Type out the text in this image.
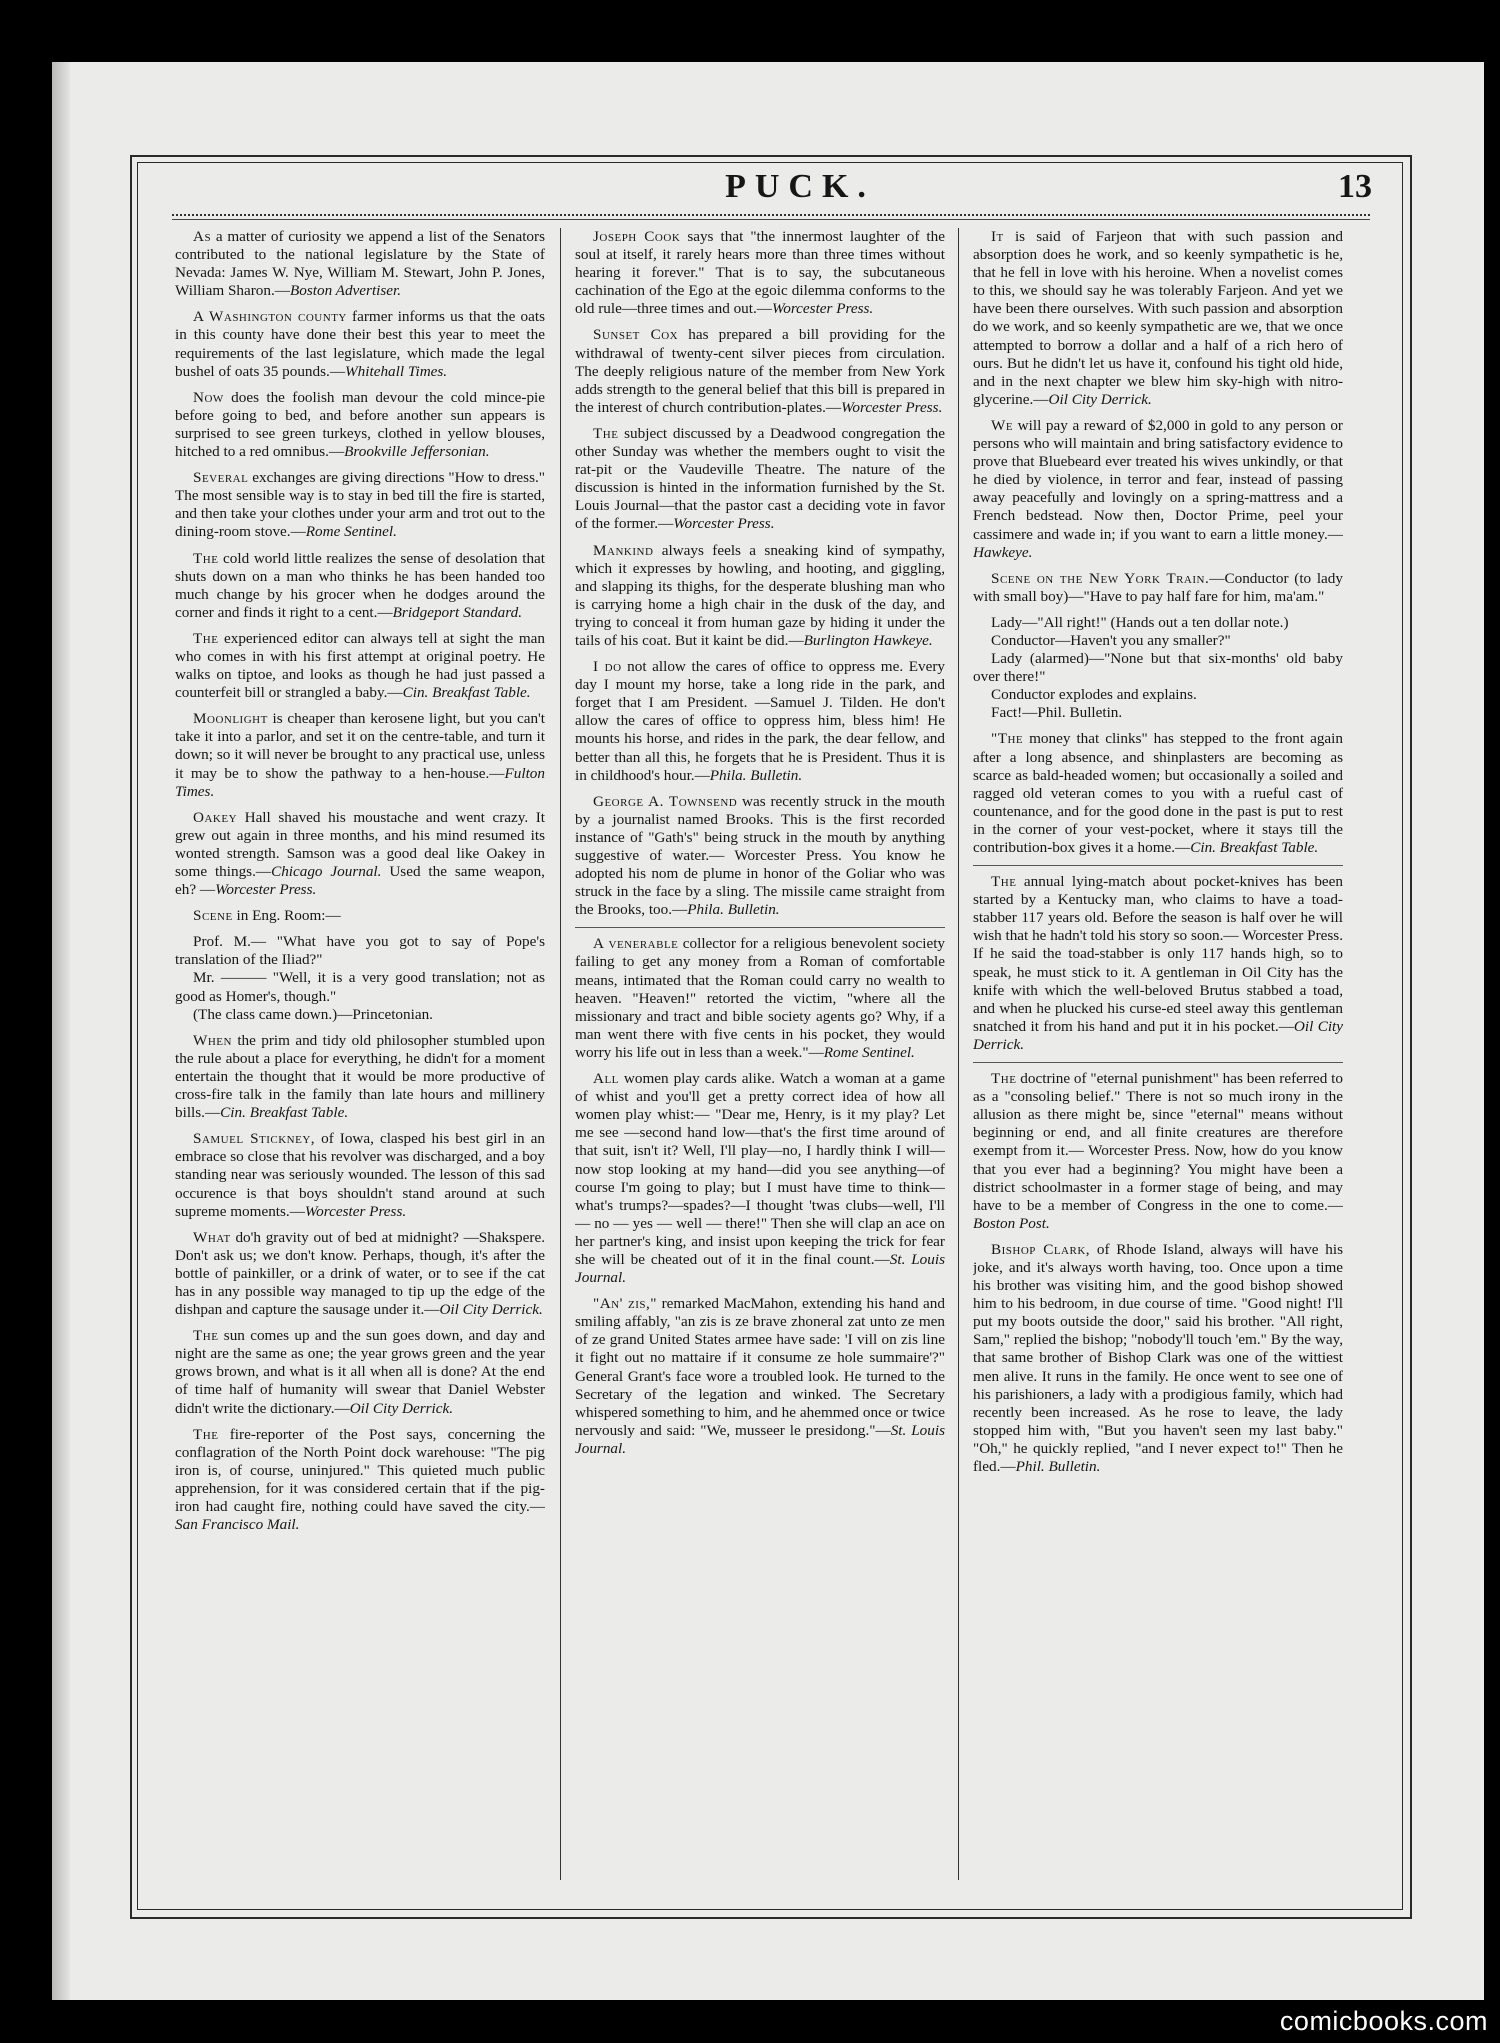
PUCK.	13

As a matter of curiosity we append a list of the Senators contributed to the national legislature by the State of Nevada: James W. Nye, William M. Stewart, John P. Jones, William Sharon.—Boston Advertiser.

A Washington county farmer informs us that the oats in this county have done their best this year to meet the requirements of the last legislature, which made the legal bushel of oats 35 pounds.—Whitehall Times.

Now does the foolish man devour the cold mince-pie before going to bed, and before another sun appears is surprised to see green turkeys, clothed in yellow blouses, hitched to a red omnibus.—Brookville Jeffersonian.

Several exchanges are giving directions "How to dress." The most sensible way is to stay in bed till the fire is started, and then take your clothes under your arm and trot out to the dining-room stove.—Rome Sentinel.

The cold world little realizes the sense of desolation that shuts down on a man who thinks he has been handed too much change by his grocer when he dodges around the corner and finds it right to a cent.—Bridgeport Standard.

The experienced editor can always tell at sight the man who comes in with his first attempt at original poetry. He walks on tiptoe, and looks as though he had just passed a counterfeit bill or strangled a baby.—Cin. Breakfast Table.

Moonlight is cheaper than kerosene light, but you can't take it into a parlor, and set it on the centre-table, and turn it down; so it will never be brought to any practical use, unless it may be to show the pathway to a hen-house.—Fulton Times.

Oakey Hall shaved his moustache and went crazy. It grew out again in three months, and his mind resumed its wonted strength. Samson was a good deal like Oakey in some things.—Chicago Journal. Used the same weapon, eh? —Worcester Press.

Scene in Eng. Room:—

Prof. M.— "What have you got to say of Pope's translation of the Iliad?"

Mr. ——— "Well, it is a very good translation; not as good as Homer's, though."

(The class came down.)—Princetonian.

When the prim and tidy old philosopher stumbled upon the rule about a place for everything, he didn't for a moment entertain the thought that it would be more productive of cross-fire talk in the family than late hours and millinery bills.—Cin. Breakfast Table.

Samuel Stickney, of Iowa, clasped his best girl in an embrace so close that his revolver was discharged, and a boy standing near was seriously wounded. The lesson of this sad occurence is that boys shouldn't stand around at such supreme moments.—Worcester Press.

What do'h gravity out of bed at midnight? —Shakspere. Don't ask us; we don't know. Perhaps, though, it's after the bottle of painkiller, or a drink of water, or to see if the cat has in any possible way managed to tip up the edge of the dishpan and capture the sausage under it.—Oil City Derrick.

The sun comes up and the sun goes down, and day and night are the same as one; the year grows green and the year grows brown, and what is it all when all is done? At the end of time half of humanity will swear that Daniel Webster didn't write the dictionary.—Oil City Derrick.

The fire-reporter of the Post says, concerning the conflagration of the North Point dock warehouse: "The pig iron is, of course, uninjured." This quieted much public apprehension, for it was considered certain that if the pig-iron had caught fire, nothing could have saved the city.—San Francisco Mail.

Joseph Cook says that "the innermost laughter of the soul at itself, it rarely hears more than three times without hearing it forever." That is to say, the subcutaneous cachination of the Ego at the egoic dilemma conforms to the old rule—three times and out.—Worcester Press.

Sunset Cox has prepared a bill providing for the withdrawal of twenty-cent silver pieces from circulation. The deeply religious nature of the member from New York adds strength to the general belief that this bill is prepared in the interest of church contribution-plates.—Worcester Press.

The subject discussed by a Deadwood congregation the other Sunday was whether the members ought to visit the rat-pit or the Vaudeville Theatre. The nature of the discussion is hinted in the information furnished by the St. Louis Journal—that the pastor cast a deciding vote in favor of the former.—Worcester Press.

Mankind always feels a sneaking kind of sympathy, which it expresses by howling, and hooting, and giggling, and slapping its thighs, for the desperate blushing man who is carrying home a high chair in the dusk of the day, and trying to conceal it from human gaze by hiding it under the tails of his coat. But it kaint be did.—Burlington Hawkeye.

I do not allow the cares of office to oppress me. Every day I mount my horse, take a long ride in the park, and forget that I am President. —Samuel J. Tilden. He don't allow the cares of office to oppress him, bless him! He mounts his horse, and rides in the park, the dear fellow, and better than all this, he forgets that he is President. Thus it is in childhood's hour.—Phila. Bulletin.

George A. Townsend was recently struck in the mouth by a journalist named Brooks. This is the first recorded instance of "Gath's" being struck in the mouth by anything suggestive of water.— Worcester Press. You know he adopted his nom de plume in honor of the Goliar who was struck in the face by a sling. The missile came straight from the Brooks, too.—Phila. Bulletin.

A venerable collector for a religious benevolent society failing to get any money from a Roman of comfortable means, intimated that the Roman could carry no wealth to heaven. "Heaven!" retorted the victim, "where all the missionary and tract and bible society agents go? Why, if a man went there with five cents in his pocket, they would worry his life out in less than a week."—Rome Sentinel.

All women play cards alike. Watch a woman at a game of whist and you'll get a pretty correct idea of how all women play whist:— "Dear me, Henry, is it my play? Let me see —second hand low—that's the first time around of that suit, isn't it? Well, I'll play—no, I hardly think I will—now stop looking at my hand—did you see anything—of course I'm going to play; but I must have time to think— what's trumps?—spades?—I thought 'twas clubs—well, I'll — no — yes — well — there!" Then she will clap an ace on her partner's king, and insist upon keeping the trick for fear she will be cheated out of it in the final count.—St. Louis Journal.

"An' zis," remarked MacMahon, extending his hand and smiling affably, "an zis is ze brave zhoneral zat unto ze men of ze grand United States armee have sade: 'I vill on zis line it fight out no mattaire if it consume ze hole summaire'?" General Grant's face wore a troubled look. He turned to the Secretary of the legation and winked. The Secretary whispered something to him, and he ahemmed once or twice nervously and said: "We, musseer le presidong."—St. Louis Journal.

It is said of Farjeon that with such passion and absorption does he work, and so keenly sympathetic is he, that he fell in love with his heroine. When a novelist comes to this, we should say he was tolerably Farjeon. And yet we have been there ourselves. With such passion and absorption do we work, and so keenly sympathetic are we, that we once attempted to borrow a dollar and a half of a rich hero of ours. But he didn't let us have it, confound his tight old hide, and in the next chapter we blew him sky-high with nitro-glycerine.—Oil City Derrick.

We will pay a reward of $2,000 in gold to any person or persons who will maintain and bring satisfactory evidence to prove that Bluebeard ever treated his wives unkindly, or that he died by violence, in terror and fear, instead of passing away peacefully and lovingly on a spring-mattress and a French bedstead. Now then, Doctor Prime, peel your cassimere and wade in; if you want to earn a little money.—Hawkeye.

Scene on the New York Train.—Conductor (to lady with small boy)—"Have to pay half fare for him, ma'am."

Lady—"All right!" (Hands out a ten dollar note.)

Conductor—Haven't you any smaller?"

Lady (alarmed)—"None but that six-months' old baby over there!"

Conductor explodes and explains.

Fact!—Phil. Bulletin.

"The money that clinks" has stepped to the front again after a long absence, and shinplasters are becoming as scarce as bald-headed women; but occasionally a soiled and ragged old veteran comes to you with a rueful cast of countenance, and for the good done in the past is put to rest in the corner of your vest-pocket, where it stays till the contribution-box gives it a home.—Cin. Breakfast Table.

The annual lying-match about pocket-knives has been started by a Kentucky man, who claims to have a toad-stabber 117 years old. Before the season is half over he will wish that he hadn't told his story so soon.— Worcester Press. If he said the toad-stabber is only 117 hands high, so to speak, he must stick to it. A gentleman in Oil City has the knife with which the well-beloved Brutus stabbed a toad, and when he plucked his curse-ed steel away this gentleman snatched it from his hand and put it in his pocket.—Oil City Derrick.

The doctrine of "eternal punishment" has been referred to as a "consoling belief." There is not so much irony in the allusion as there might be, since "eternal" means without beginning or end, and all finite creatures are therefore exempt from it.— Worcester Press. Now, how do you know that you ever had a beginning? You might have been a district schoolmaster in a former stage of being, and may have to be a member of Congress in the one to come.—Boston Post.

Bishop Clark, of Rhode Island, always will have his joke, and it's always worth having, too. Once upon a time his brother was visiting him, and the good bishop showed him to his bedroom, in due course of time. "Good night! I'll put my boots outside the door," said his brother. "All right, Sam," replied the bishop; "nobody'll touch 'em." By the way, that same brother of Bishop Clark was one of the wittiest men alive. It runs in the family. He once went to see one of his parishioners, a lady with a prodigious family, which had recently been increased. As he rose to leave, the lady stopped him with, "But you haven't seen my last baby." "Oh," he quickly replied, "and I never expect to!" Then he fled.—Phil. Bulletin.

comicbooks.com
